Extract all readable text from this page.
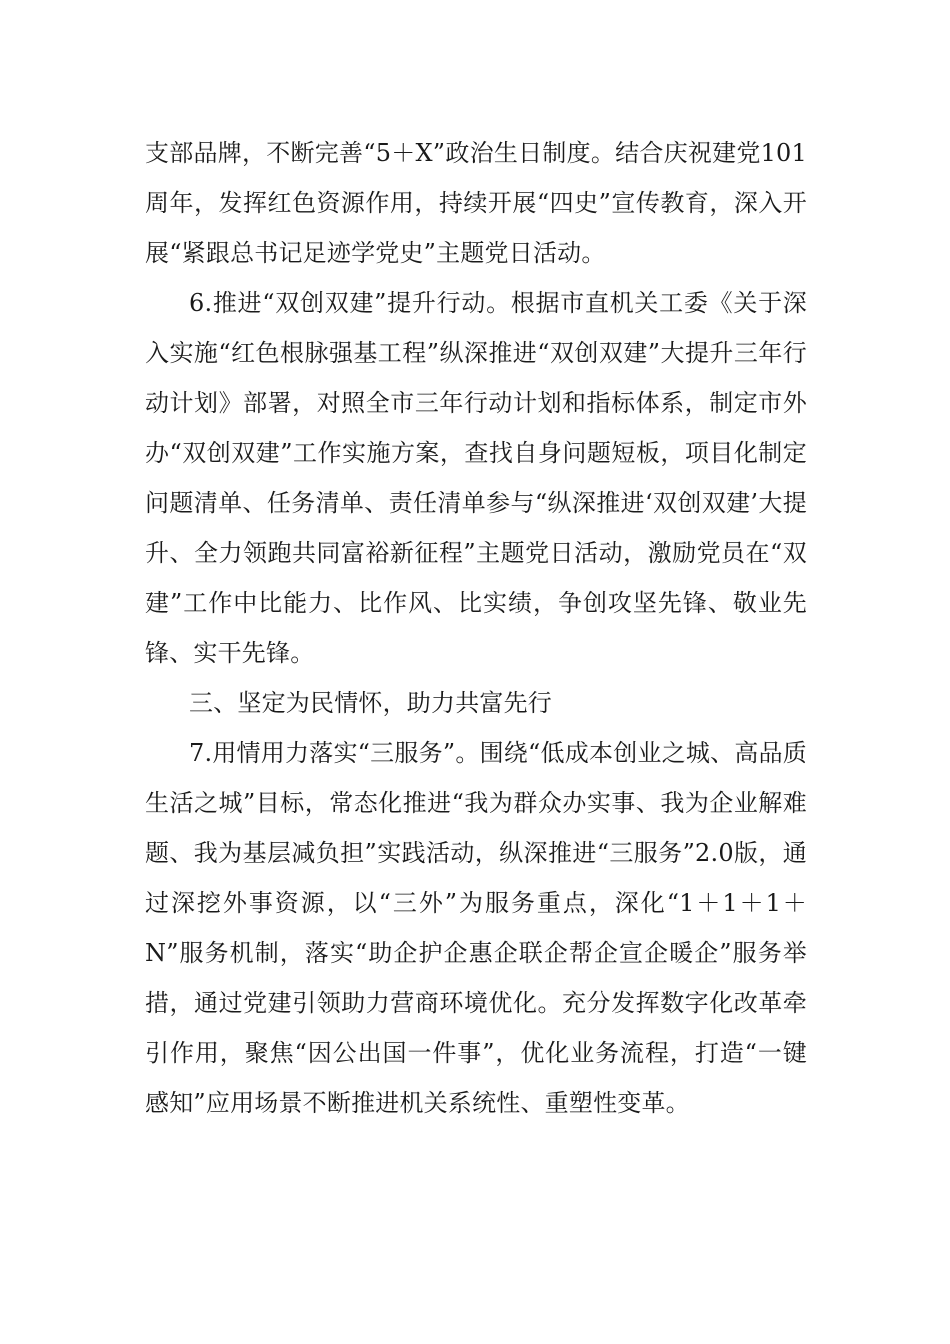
支部品牌，不断完善“5＋X”政治生日制度。结合庆祝建党101周年，发挥红色资源作用，持续开展“四史”宣传教育，深入开展“紧跟总书记足迹学党史”主题党日活动。

6.推进“双创双建”提升行动。根据市直机关工委《关于深入实施“红色根脉强基工程”纵深推进“双创双建”大提升三年行动计划》部署，对照全市三年行动计划和指标体系，制定市外办“双创双建”工作实施方案，查找自身问题短板，项目化制定问题清单、任务清单、责任清单参与“纵深推进‘双创双建’大提升、全力领跑共同富裕新征程”主题党日活动，激励党员在“双建”工作中比能力、比作风、比实绩，争创攻坚先锋、敬业先锋、实干先锋。

三、坚定为民情怀，助力共富先行

7.用情用力落实“三服务”。围绕“低成本创业之城、高品质生活之城”目标，常态化推进“我为群众办实事、我为企业解难题、我为基层减负担”实践活动，纵深推进“三服务”2.0版，通过深挖外事资源，以“三外”为服务重点，深化“1＋1＋1＋N”服务机制，落实“助企护企惠企联企帮企宣企暖企”服务举措，通过党建引领助力营商环境优化。充分发挥数字化改革牵引作用，聚焦“因公出国一件事”，优化业务流程，打造“一键感知”应用场景不断推进机关系统性、重塑性变革。
